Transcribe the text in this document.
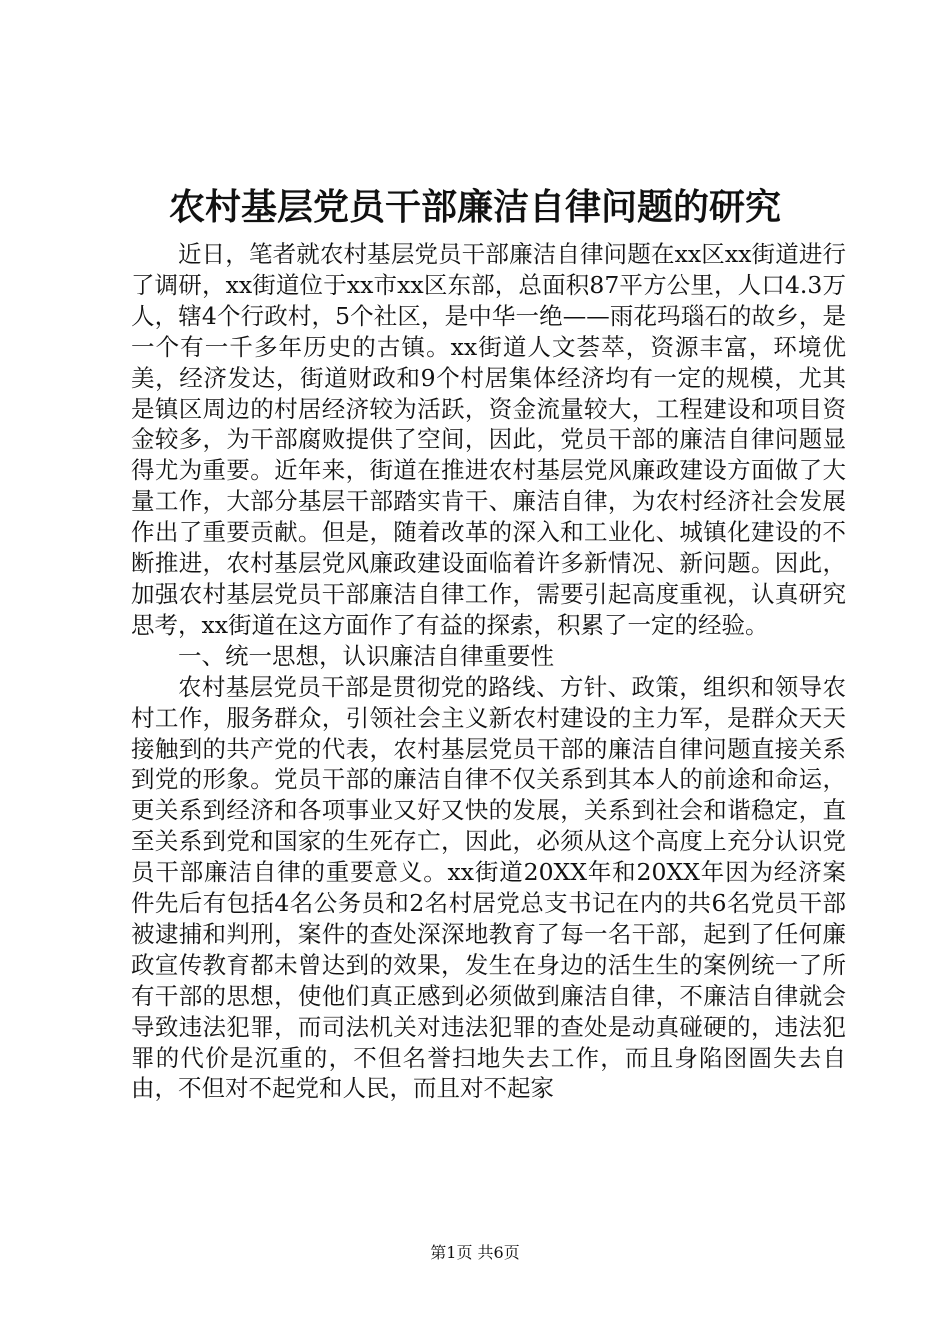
农村基层党员干部廉洁自律问题的研究

近日，笔者就农村基层党员干部廉洁自律问题在xx区xx街道进行了调研，xx街道位于xx市xx区东部，总面积87平方公里，人口4.3万人，辖4个行政村，5个社区，是中华一绝——雨花玛瑙石的故乡，是一个有一千多年历史的古镇。xx街道人文荟萃，资源丰富，环境优美，经济发达，街道财政和9个村居集体经济均有一定的规模，尤其是镇区周边的村居经济较为活跃，资金流量较大，工程建设和项目资金较多，为干部腐败提供了空间，因此，党员干部的廉洁自律问题显得尤为重要。近年来，街道在推进农村基层党风廉政建设方面做了大量工作，大部分基层干部踏实肯干、廉洁自律，为农村经济社会发展作出了重要贡献。但是，随着改革的深入和工业化、城镇化建设的不断推进，农村基层党风廉政建设面临着许多新情况、新问题。因此，加强农村基层党员干部廉洁自律工作，需要引起高度重视，认真研究思考，xx街道在这方面作了有益的探索，积累了一定的经验。

一、统一思想，认识廉洁自律重要性

农村基层党员干部是贯彻党的路线、方针、政策，组织和领导农村工作，服务群众，引领社会主义新农村建设的主力军，是群众天天接触到的共产党的代表，农村基层党员干部的廉洁自律问题直接关系到党的形象。党员干部的廉洁自律不仅关系到其本人的前途和命运，更关系到经济和各项事业又好又快的发展，关系到社会和谐稳定，直至关系到党和国家的生死存亡，因此，必须从这个高度上充分认识党员干部廉洁自律的重要意义。xx街道20XX年和20XX年因为经济案件先后有包括4名公务员和2名村居党总支书记在内的共6名党员干部被逮捕和判刑，案件的查处深深地教育了每一名干部，起到了任何廉政宣传教育都未曾达到的效果，发生在身边的活生生的案例统一了所有干部的思想，使他们真正感到必须做到廉洁自律，不廉洁自律就会导致违法犯罪，而司法机关对违法犯罪的查处是动真碰硬的，违法犯罪的代价是沉重的，不但名誉扫地失去工作，而且身陷囹圄失去自由，不但对不起党和人民，而且对不起家

第1页 共6页
